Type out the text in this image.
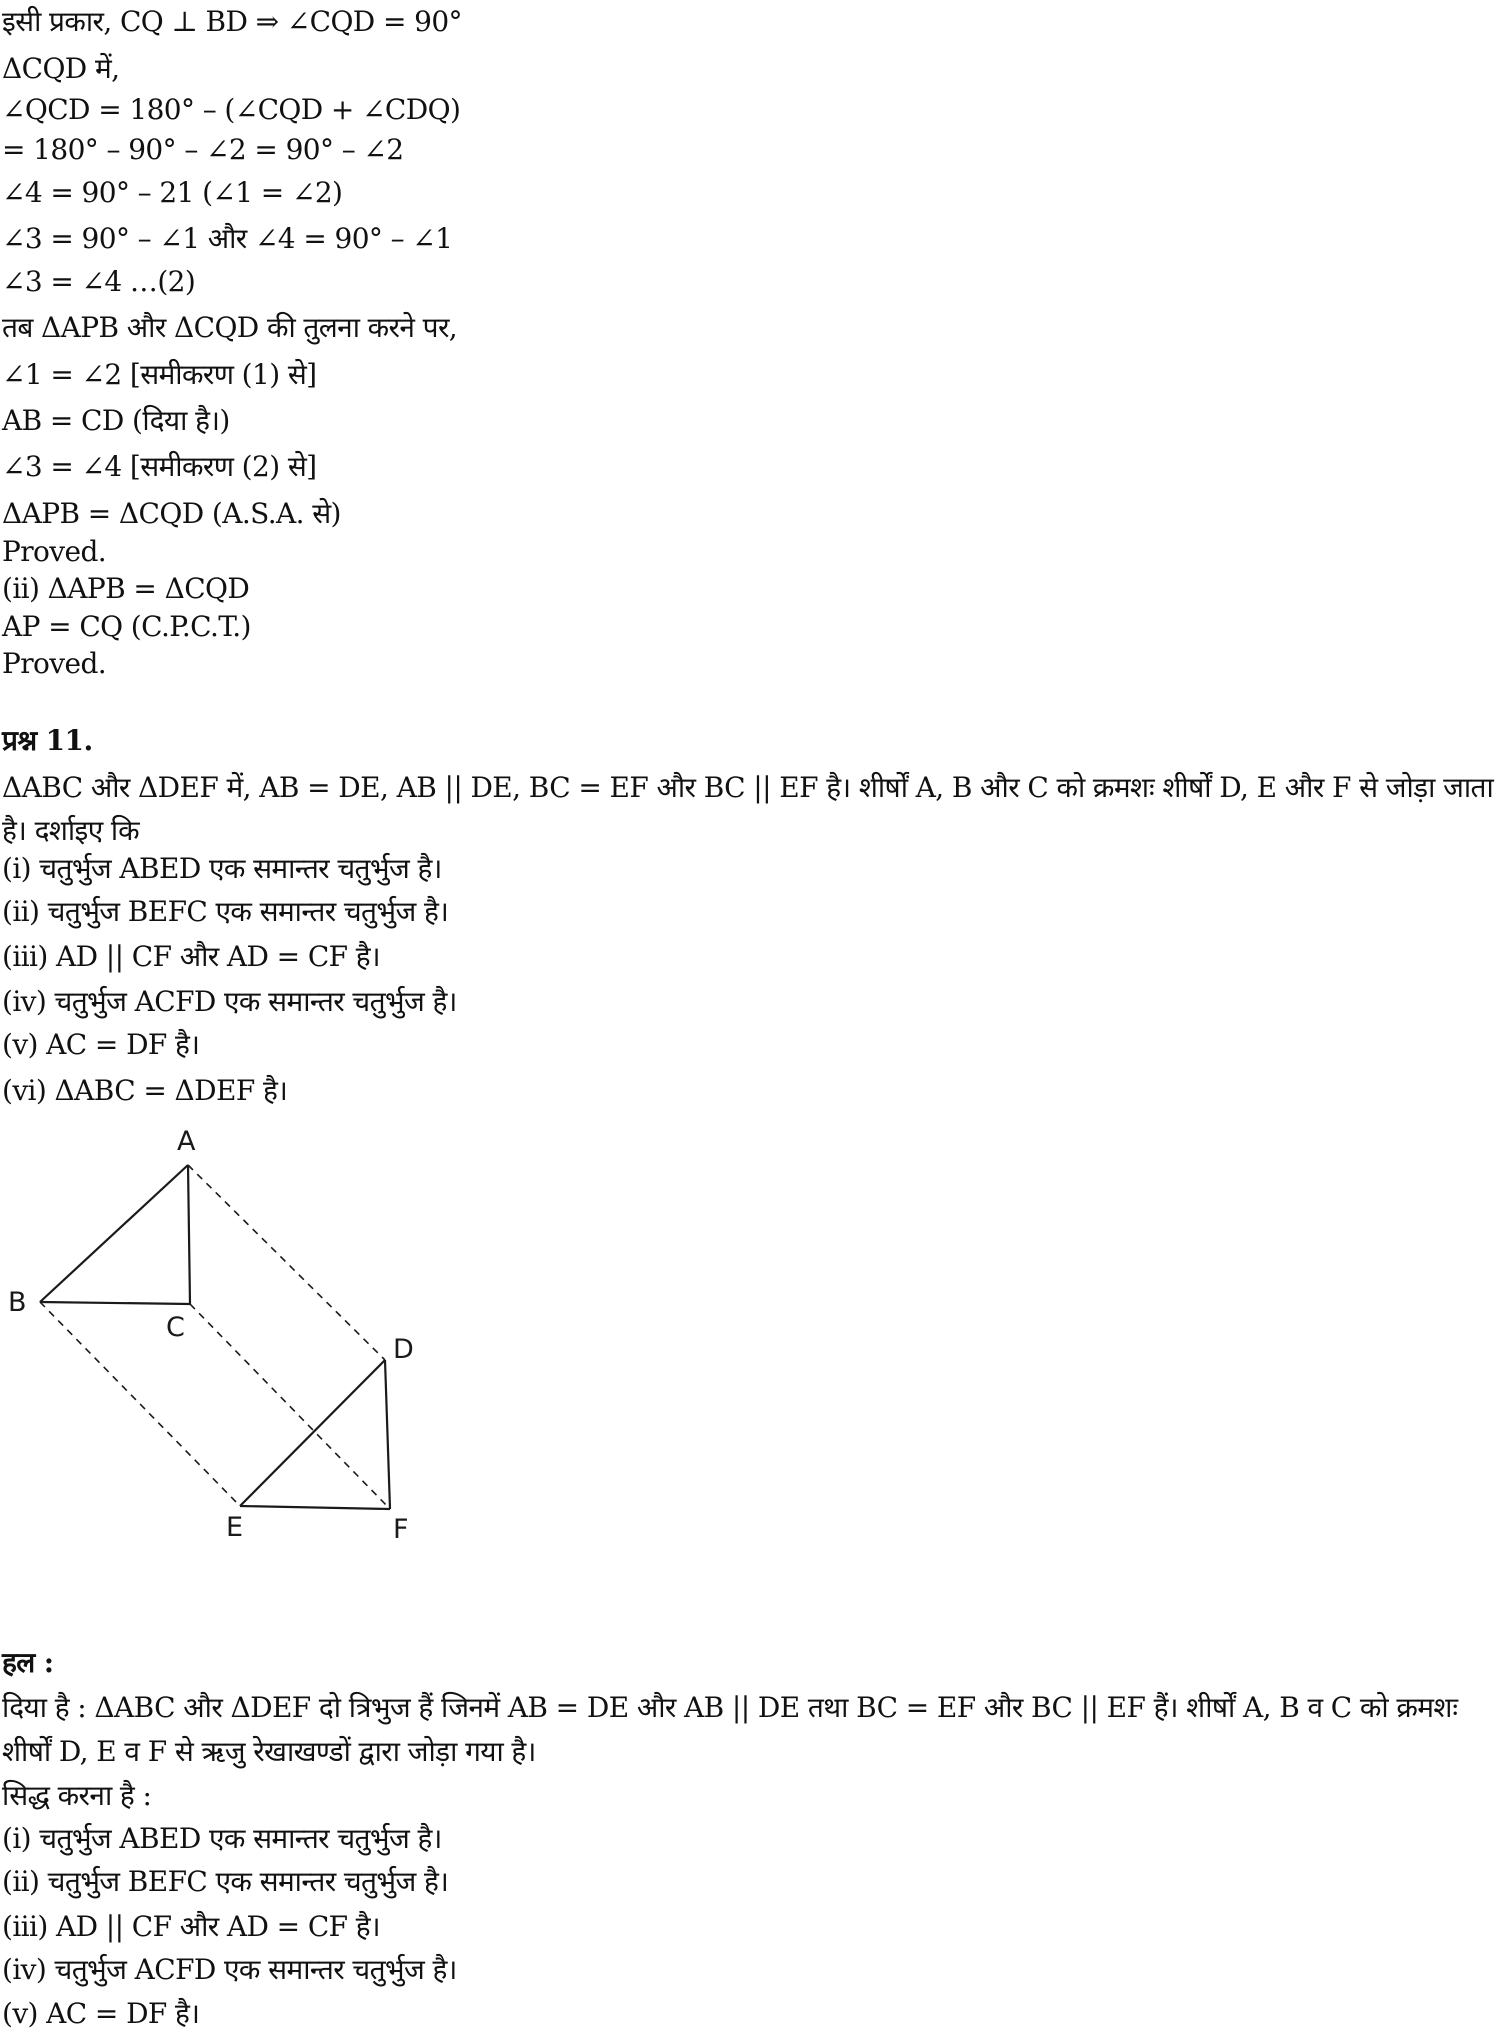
इसी प्रकार, CQ ⊥ BD ⇒ ∠CQD = 90°
ΔCQD में,
∠QCD = 180° – (∠CQD + ∠CDQ)
= 180° – 90° – ∠2 = 90° – ∠2
∠4 = 90° – 21 (∠1 = ∠2)
∠3 = 90° – ∠1 और ∠4 = 90° – ∠1
∠3 = ∠4 …(2)
तब ΔAPB और ΔCQD की तुलना करने पर,
∠1 = ∠2 [समीकरण (1) से]
AB = CD (दिया है।)
∠3 = ∠4 [समीकरण (2) से]
ΔAPB = ΔCQD (A.S.A. से)
Proved.
(ii) ΔAPB = ΔCQD
AP = CQ (C.P.C.T.)
Proved.
प्रश्न 11.
ΔABC और ΔDEF में, AB = DE, AB || DE, BC = EF और BC || EF है। शीर्षों A, B और C को क्रमशः शीर्षों D, E और F से जोड़ा जाता है। दर्शाइए कि
(i) चतुर्भुज ABED एक समान्तर चतुर्भुज है।
(ii) चतुर्भुज BEFC एक समान्तर चतुर्भुज है।
(iii) AD || CF और AD = CF है।
(iv) चतुर्भुज ACFD एक समान्तर चतुर्भुज है।
(v) AC = DF है।
(vi) ΔABC = ΔDEF है।
A
B
C
D
E	F
हल :
दिया है : ΔABC और ΔDEF दो त्रिभुज हैं जिनमें AB = DE और AB || DE तथा BC = EF और BC || EF हैं। शीर्षों A, B व C को क्रमशः शीर्षों D, E व F से ऋजु रेखाखण्डों द्वारा जोड़ा गया है।
सिद्ध करना है :
(i) चतुर्भुज ABED एक समान्तर चतुर्भुज है।
(ii) चतुर्भुज BEFC एक समान्तर चतुर्भुज है।
(iii) AD || CF और AD = CF है।
(iv) चतुर्भुज ACFD एक समान्तर चतुर्भुज है।
(v) AC = DF है।
